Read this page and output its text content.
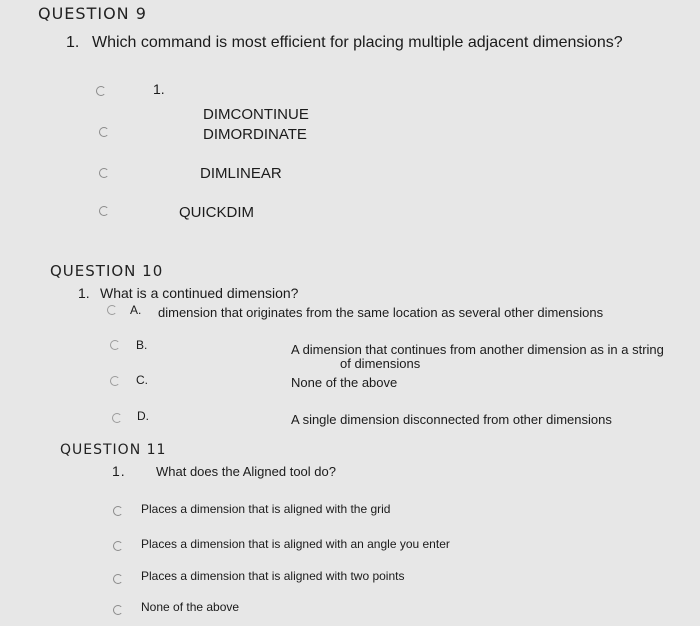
QUESTION 9
1. Which command is most efficient for placing multiple adjacent dimensions?
1.
DIMCONTINUE
DIMORDINATE
DIMLINEAR
QUICKDIM
QUESTION 10
1. What is a continued dimension?
A. dimension that originates from the same location as several other dimensions
B.	A dimension that continues from another dimension as in a string
of dimensions
C.	None of the above
D.	A single dimension disconnected from other dimensions
QUESTION 11
1. What does the Aligned tool do?
Places a dimension that is aligned with the grid
Places a dimension that is aligned with an angle you enter
Places a dimension that is aligned with two points
None of the above
